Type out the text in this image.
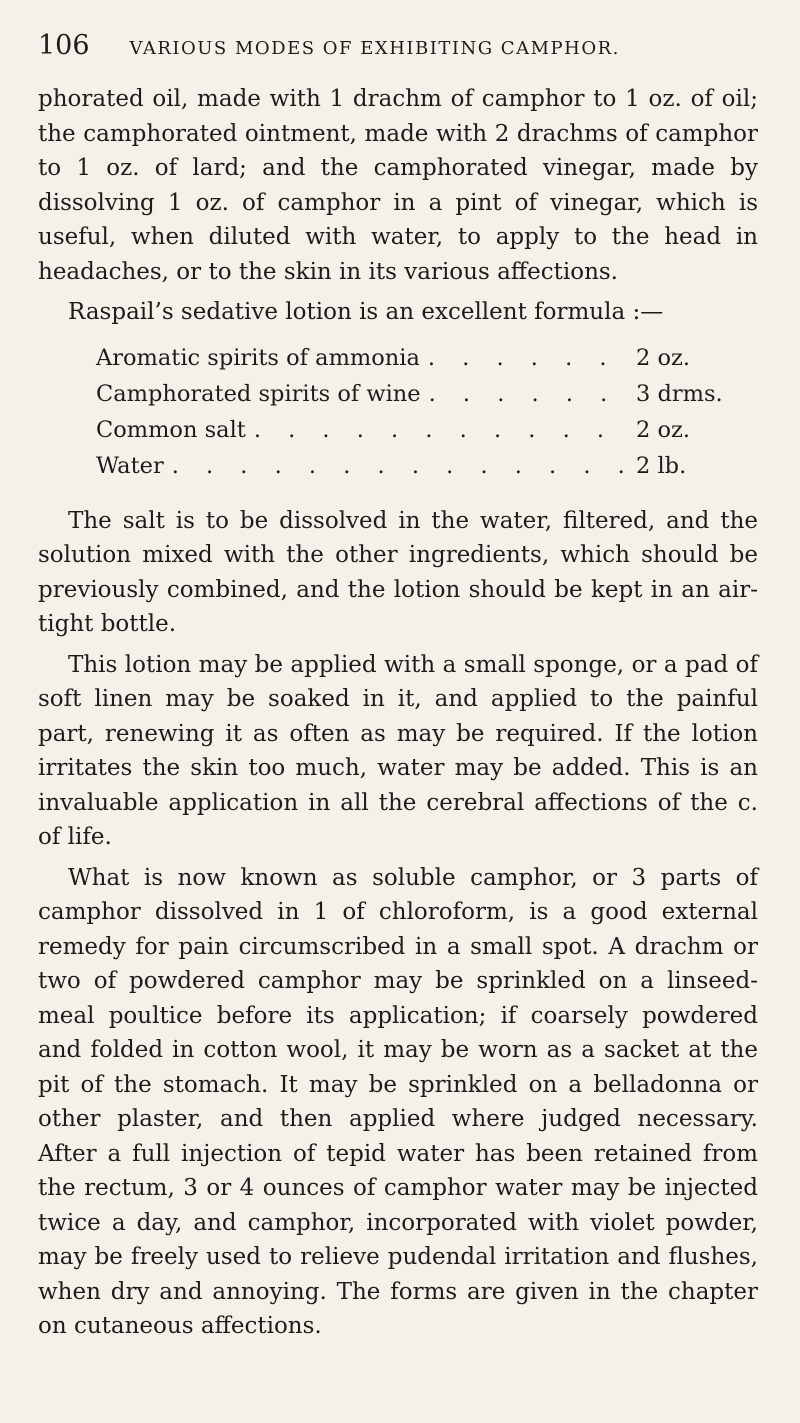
106 VARIOUS MODES OF EXHIBITING CAMPHOR.

phorated oil, made with 1 drachm of camphor to 1 oz. of oil; the camphorated ointment, made with 2 drachms of camphor to 1 oz. of lard; and the camphorated vinegar, made by dissolving 1 oz. of camphor in a pint of vinegar, which is useful, when diluted with water, to apply to the head in headaches, or to the skin in its various affections.

Raspail’s sedative lotion is an excellent formula :—

Aromatic spirits of ammonia . . .	2 oz.
Camphorated spirits of wine . . .	3 drms.
Common salt . . .	2 oz.
Water . . .	2 lb.

The salt is to be dissolved in the water, filtered, and the solution mixed with the other ingredients, which should be previously combined, and the lotion should be kept in an air-tight bottle.

This lotion may be applied with a small sponge, or a pad of soft linen may be soaked in it, and applied to the painful part, renewing it as often as may be required. If the lotion irritates the skin too much, water may be added. This is an invaluable application in all the cerebral affections of the c. of life.

What is now known as soluble camphor, or 3 parts of camphor dissolved in 1 of chloroform, is a good external remedy for pain circumscribed in a small spot. A drachm or two of powdered camphor may be sprinkled on a linseed-meal poultice before its application; if coarsely powdered and folded in cotton wool, it may be worn as a sacket at the pit of the stomach. It may be sprinkled on a belladonna or other plaster, and then applied where judged necessary. After a full injection of tepid water has been retained from the rectum, 3 or 4 ounces of camphor water may be injected twice a day, and camphor, incorporated with violet powder, may be freely used to relieve pudendal irritation and flushes, when dry and annoying. The forms are given in the chapter on cutaneous affections.
